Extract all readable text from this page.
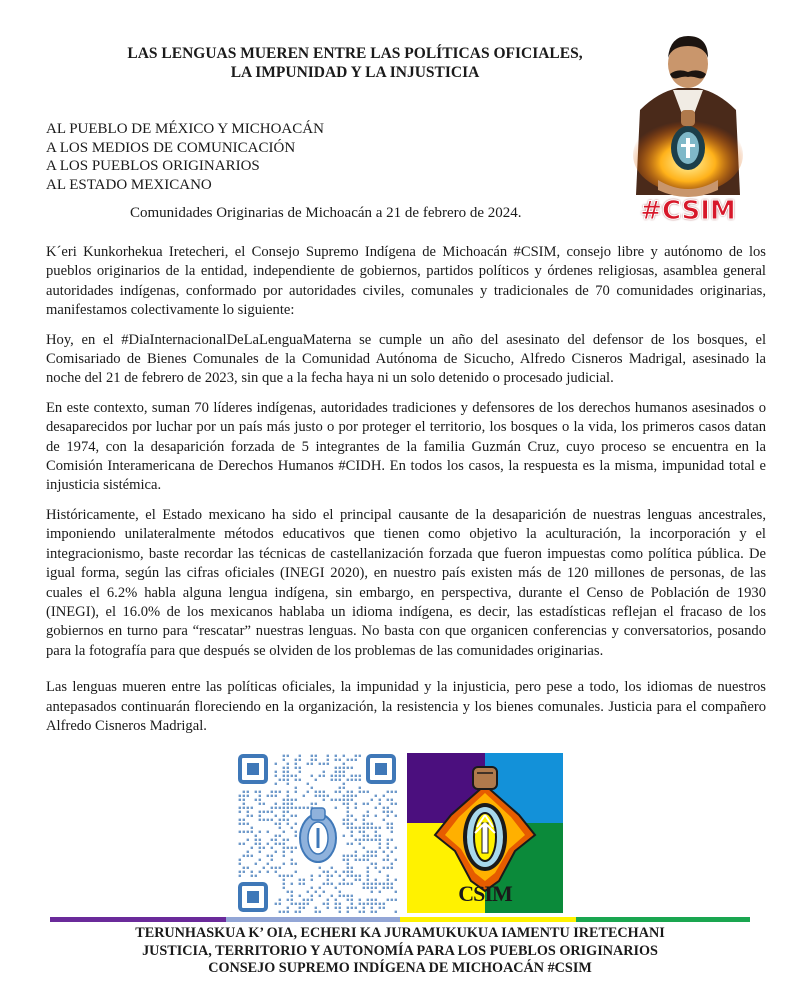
LAS LENGUAS MUEREN ENTRE LAS POLÍTICAS OFICIALES,
LA IMPUNIDAD Y LA INJUSTICIA
AL PUEBLO DE MÉXICO Y MICHOACÁN
A LOS MEDIOS DE COMUNICACIÓN
A LOS PUEBLOS ORIGINARIOS
AL ESTADO MEXICANO
Comunidades Originarias de Michoacán a 21 de febrero de 2024.	#CSIM

K´eri Kunkorhekua Iretecheri, el Consejo Supremo Indígena de Michoacán #CSIM, consejo libre y autónomo de los pueblos originarios de la entidad, independiente de gobiernos, partidos políticos y órdenes religiosas, asamblea general autoridades indígenas, conformado por autoridades civiles, comunales y tradicionales de 70 comunidades originarias, manifestamos colectivamente lo siguiente:

Hoy, en el #DiaInternacionalDeLaLenguaMaterna se cumple un año del asesinato del defensor de los bosques, el Comisariado de Bienes Comunales de la Comunidad Autónoma de Sicucho, Alfredo Cisneros Madrigal, asesinado la noche del 21 de febrero de 2023, sin que a la fecha haya ni un solo detenido o procesado judicial.

En este contexto, suman 70 líderes indígenas, autoridades tradiciones y defensores de los derechos humanos asesinados o desaparecidos por luchar por un país más justo o por proteger el territorio, los bosques o la vida, los primeros casos datan de 1974, con la desaparición forzada de 5 integrantes de la familia Guzmán Cruz, cuyo proceso se encuentra en la Comisión Interamericana de Derechos Humanos #CIDH. En todos los casos, la respuesta es la misma, impunidad total e injusticia sistémica.

Históricamente, el Estado mexicano ha sido el principal causante de la desaparición de nuestras lenguas ancestrales, imponiendo unilateralmente métodos educativos que tienen como objetivo la aculturación, la incorporación y el integracionismo, baste recordar las técnicas de castellanización forzada que fueron impuestas como política pública. De igual forma, según las cifras oficiales (INEGI 2020), en nuestro país existen más de 120 millones de personas, de las cuales el 6.2% habla alguna lengua indígena, sin embargo, en perspectiva, durante el Censo de Población de 1930 (INEGI), el 16.0% de los mexicanos hablaba un idioma indígena, es decir, las estadísticas reflejan el fracaso de los gobiernos en turno para “rescatar” nuestras lenguas. No basta con que organicen conferencias y conversatorios, posando para la fotografía para que después se olviden de los problemas de las comunidades originarias.

Las lenguas mueren entre las políticas oficiales, la impunidad y la injusticia, pero pese a todo, los idiomas de nuestros antepasados continuarán floreciendo en la organización, la resistencia y los bienes comunales. Justicia para el compañero Alfredo Cisneros Madrigal.

CSIM
TERUNHASKUA K’ OIA, ECHERI KA JURAMUKUKUA IAMENTU IRETECHANI
JUSTICIA, TERRITORIO Y AUTONOMÍA PARA LOS PUEBLOS ORIGINARIOS
CONSEJO SUPREMO INDÍGENA DE MICHOACÁN #CSIM
